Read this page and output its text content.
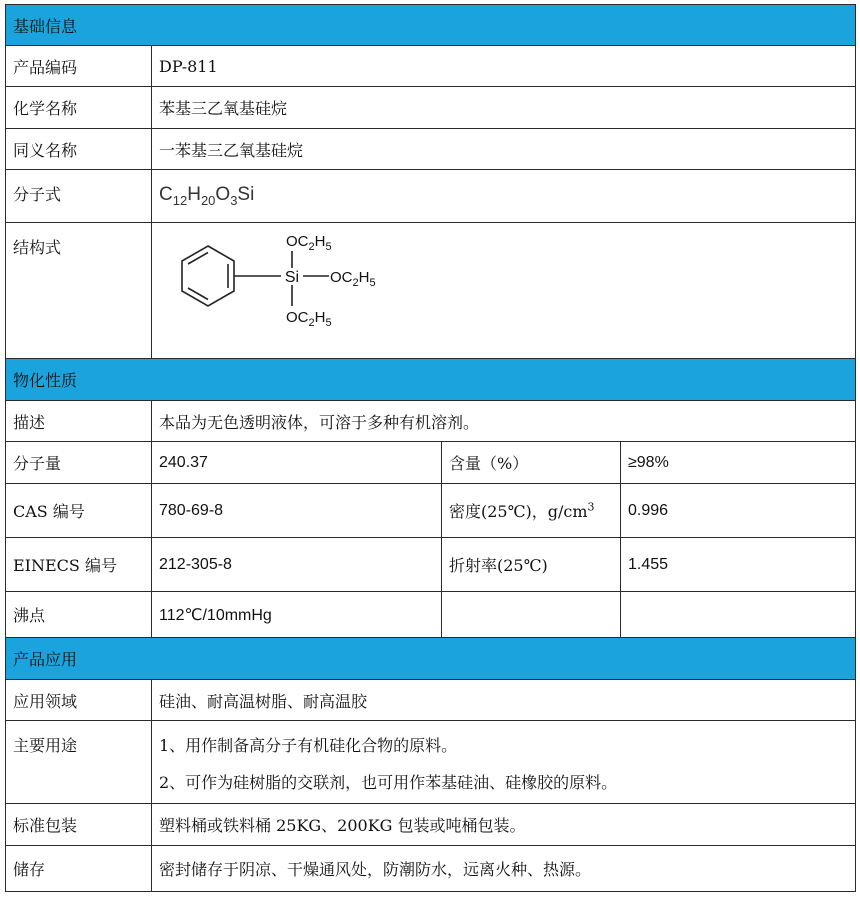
基础信息			
产品编码	DP-811		
化学名称	苯基三乙氧基硅烷		
同义名称	一苯基三乙氧基硅烷		
分子式	$C_{12}H_{20}O_3Si$		
结构式	Si
$OC_2H_5$
$OC_2H_5$
$OC_2H_5$

物化性质			
描述	本品为无色透明液体，可溶于多种有机溶剂。		
分子量	240.37	含量（%）	≥98%
CAS 编号	780-69-8	密度(25℃)，$g/cm^3$	0.996
EINECS 编号	212-305-8	折射率(25℃)	1.455
沸点	112℃/10mmHg		
产品应用			
应用领域	硅油、耐高温树脂、耐高温胶		
主要用途	1、用作制备高分子有机硅化合物的原料。

2、可作为硅树脂的交联剂，也可用作苯基硅油、硅橡胶的原料。		

标准包装	塑料桶或铁料桶 25KG、200KG 包装或吨桶包装。		
储存	密封储存于阴凉、干燥通风处，防潮防水，远离火种、热源。		
